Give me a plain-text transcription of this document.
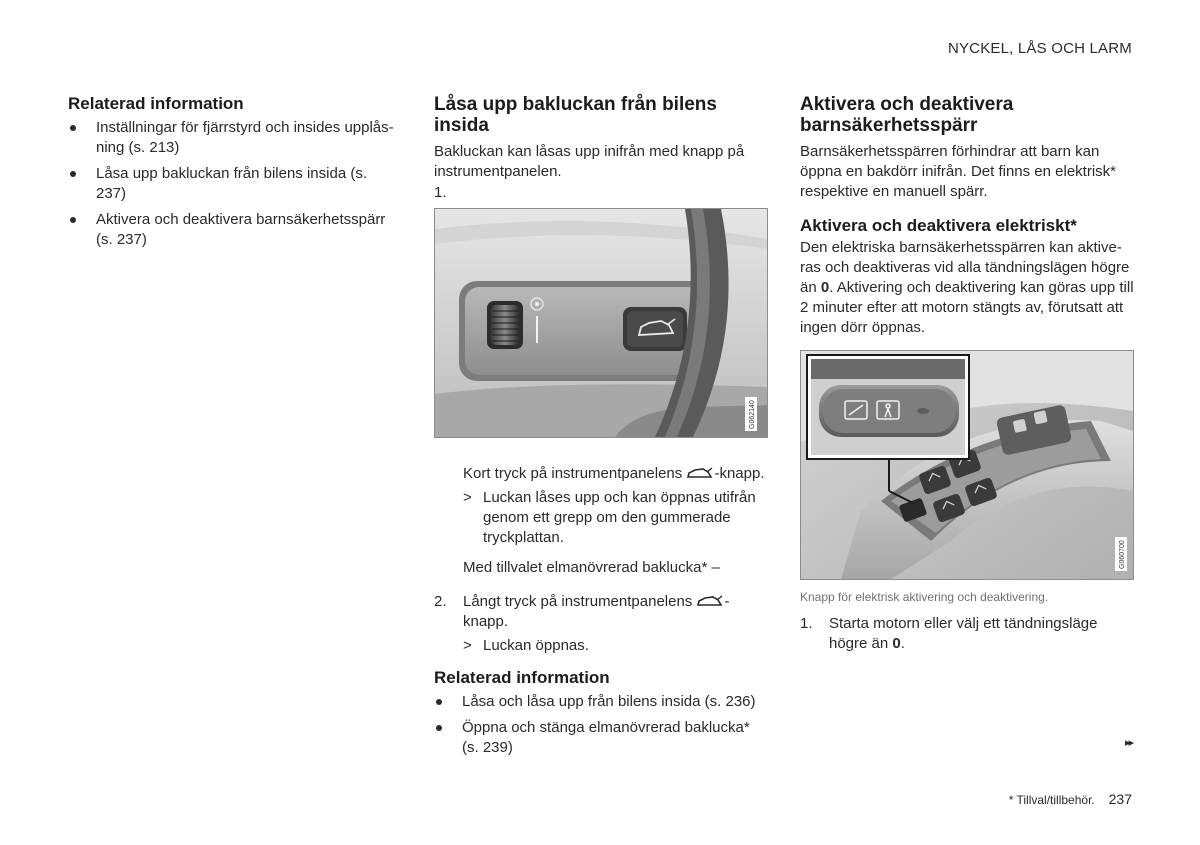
NYCKEL, LÅS OCH LARM
Relaterad information
Inställningar för fjärrstyrd och insides upplås-ning (s. 213)
Låsa upp bakluckan från bilens insida (s. 237)
Aktivera och deaktivera barnsäkerhetsspärr (s. 237)
Låsa upp bakluckan från bilens insida
Bakluckan kan låsas upp inifrån med knapp på instrumentpanelen.
1.
G062140
Kort tryck på instrumentpanelens -knapp.
> Luckan låses upp och kan öppnas utifrån genom ett grepp om den gummerade tryckplattan.
Med tillvalet elmanövrerad baklucka* –
2. Långt tryck på instrumentpanelens -knapp.
> Luckan öppnas.
Relaterad information
Låsa och låsa upp från bilens insida (s. 236)
Öppna och stänga elmanövrerad baklucka* (s. 239)
Aktivera och deaktivera barnsäkerhetsspärr
Barnsäkerhetsspärren förhindrar att barn kan öppna en bakdörr inifrån. Det finns en elektrisk* respektive en manuell spärr.
Aktivera och deaktivera elektriskt*
Den elektriska barnsäkerhetsspärren kan aktive-ras och deaktiveras vid alla tändningslägen högre än 0. Aktivering och deaktivering kan göras upp till 2 minuter efter att motorn stängts av, förutsatt att ingen dörr öppnas.
G060700
Knapp för elektrisk aktivering och deaktivering.
1. Starta motorn eller välj ett tändningsläge högre än 0.
▸▸
* Tillval/tillbehör. 237
